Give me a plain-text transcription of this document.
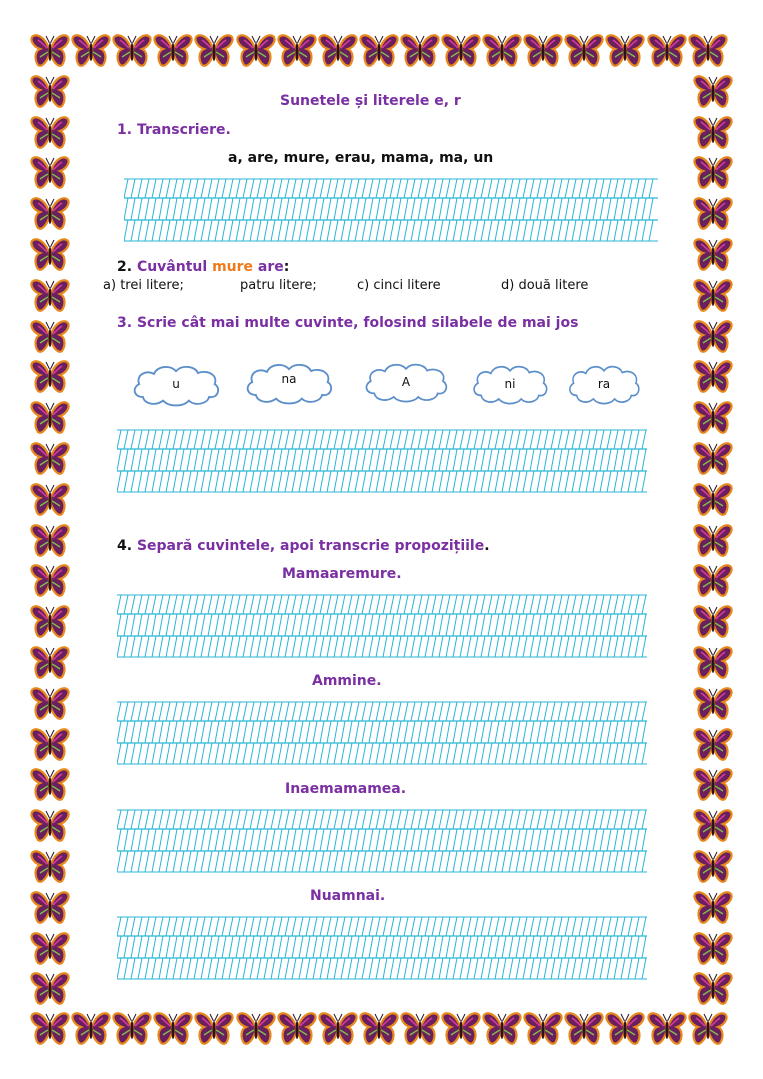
Sunetele și literele e, r
1. Transcriere.
a, are, mure, erau, mama, ma, un
2. Cuvântul mure are:
a) trei litere;	patru litere;	c) cinci litere	d) două litere
3. Scrie cât mai multe cuvinte, folosind silabele de mai jos
u	na	A	ni	ra
4. Separă cuvintele, apoi transcrie propozițiile.
Mamaaremure.
Ammine.
Inaemamamea.
Nuamnai.
